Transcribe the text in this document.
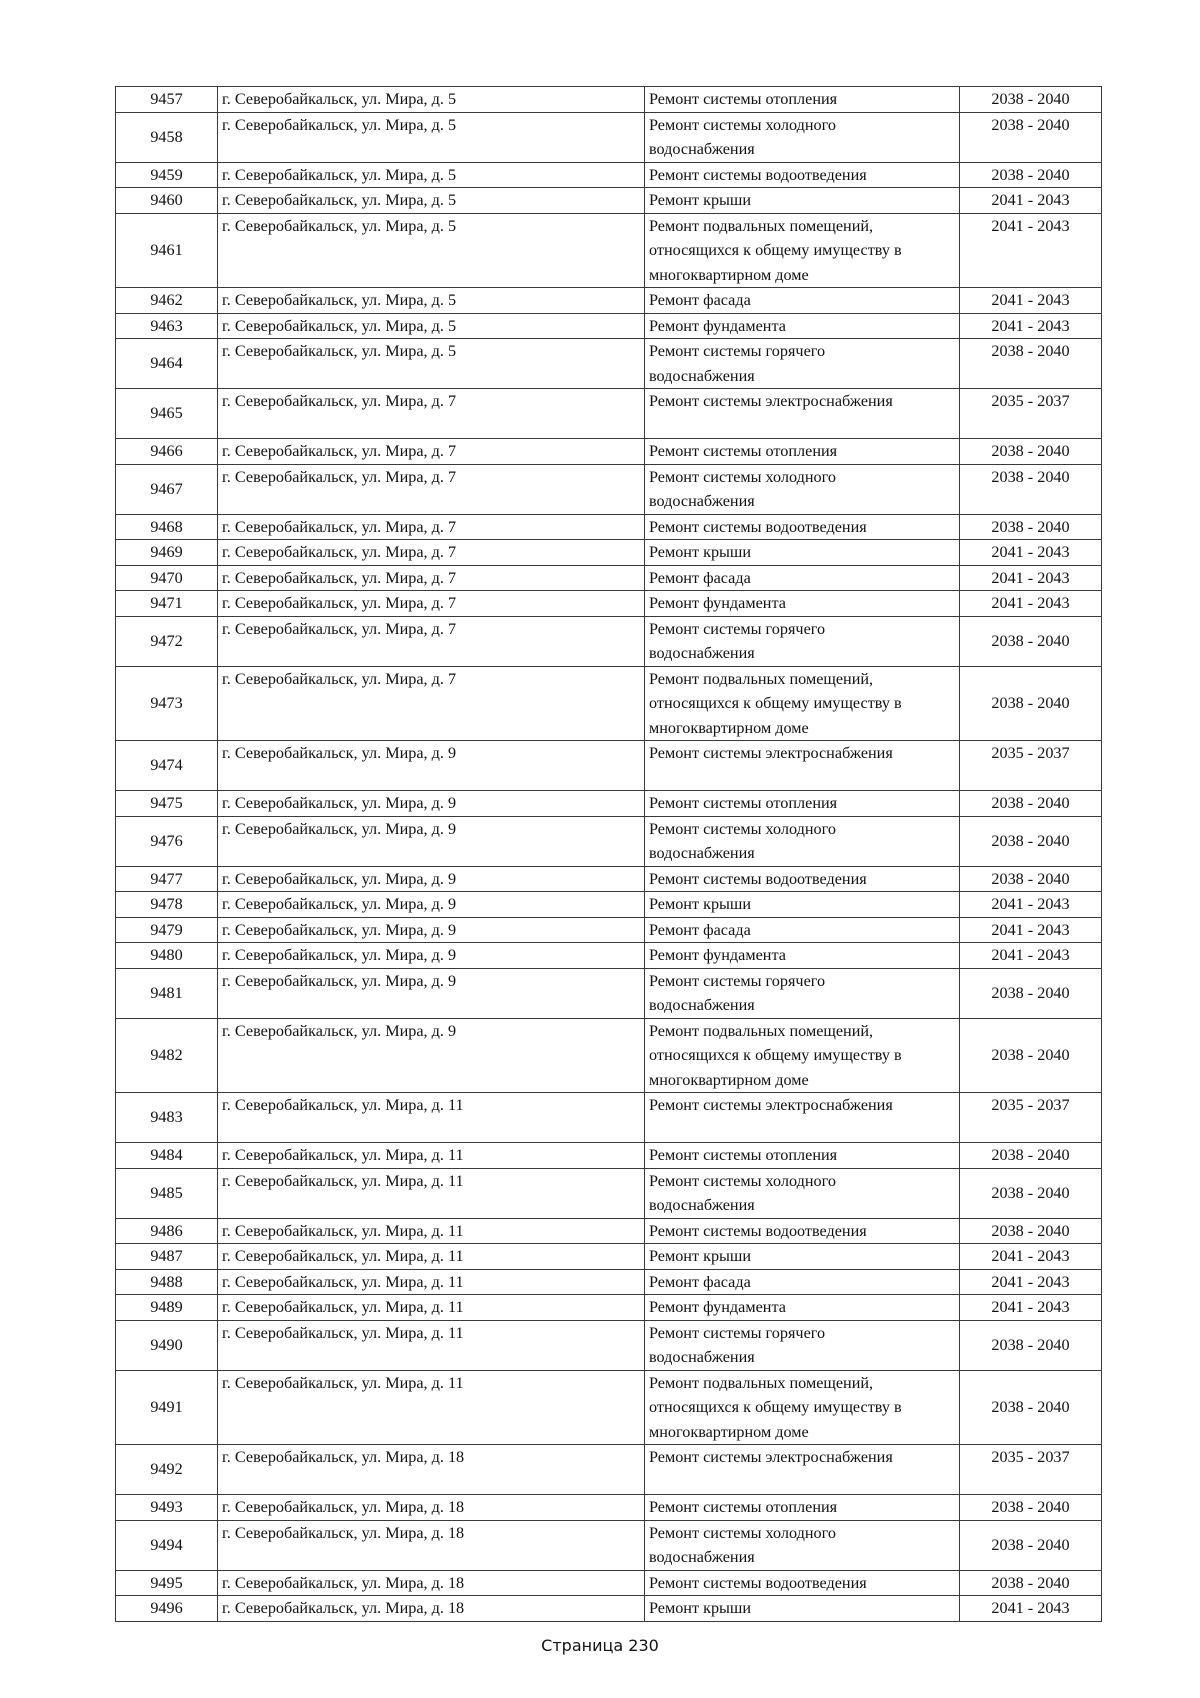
9457	г. Северобайкальск, ул. Мира, д. 5	Ремонт системы отопления	2038 - 2040
9458	г. Северобайкальск, ул. Мира, д. 5	Ремонт системы холодного
водоснабжения	2038 - 2040
9459	г. Северобайкальск, ул. Мира, д. 5	Ремонт системы водоотведения	2038 - 2040
9460	г. Северобайкальск, ул. Мира, д. 5	Ремонт крыши	2041 - 2043
9461	г. Северобайкальск, ул. Мира, д. 5	Ремонт подвальных помещений,
относящихся к общему имуществу в
многоквартирном доме	2041 - 2043
9462	г. Северобайкальск, ул. Мира, д. 5	Ремонт фасада	2041 - 2043
9463	г. Северобайкальск, ул. Мира, д. 5	Ремонт фундамента	2041 - 2043
9464	г. Северобайкальск, ул. Мира, д. 5	Ремонт системы горячего
водоснабжения	2038 - 2040
9465	г. Северобайкальск, ул. Мира, д. 7	Ремонт системы электроснабжения	2035 - 2037
9466	г. Северобайкальск, ул. Мира, д. 7	Ремонт системы отопления	2038 - 2040
9467	г. Северобайкальск, ул. Мира, д. 7	Ремонт системы холодного
водоснабжения	2038 - 2040
9468	г. Северобайкальск, ул. Мира, д. 7	Ремонт системы водоотведения	2038 - 2040
9469	г. Северобайкальск, ул. Мира, д. 7	Ремонт крыши	2041 - 2043
9470	г. Северобайкальск, ул. Мира, д. 7	Ремонт фасада	2041 - 2043
9471	г. Северобайкальск, ул. Мира, д. 7	Ремонт фундамента	2041 - 2043
9472	г. Северобайкальск, ул. Мира, д. 7	Ремонт системы горячего
водоснабжения	2038 - 2040
9473	г. Северобайкальск, ул. Мира, д. 7	Ремонт подвальных помещений,
относящихся к общему имуществу в
многоквартирном доме	2038 - 2040
9474	г. Северобайкальск, ул. Мира, д. 9	Ремонт системы электроснабжения	2035 - 2037
9475	г. Северобайкальск, ул. Мира, д. 9	Ремонт системы отопления	2038 - 2040
9476	г. Северобайкальск, ул. Мира, д. 9	Ремонт системы холодного
водоснабжения	2038 - 2040
9477	г. Северобайкальск, ул. Мира, д. 9	Ремонт системы водоотведения	2038 - 2040
9478	г. Северобайкальск, ул. Мира, д. 9	Ремонт крыши	2041 - 2043
9479	г. Северобайкальск, ул. Мира, д. 9	Ремонт фасада	2041 - 2043
9480	г. Северобайкальск, ул. Мира, д. 9	Ремонт фундамента	2041 - 2043
9481	г. Северобайкальск, ул. Мира, д. 9	Ремонт системы горячего
водоснабжения	2038 - 2040
9482	г. Северобайкальск, ул. Мира, д. 9	Ремонт подвальных помещений,
относящихся к общему имуществу в
многоквартирном доме	2038 - 2040
9483	г. Северобайкальск, ул. Мира, д. 11	Ремонт системы электроснабжения	2035 - 2037
9484	г. Северобайкальск, ул. Мира, д. 11	Ремонт системы отопления	2038 - 2040
9485	г. Северобайкальск, ул. Мира, д. 11	Ремонт системы холодного
водоснабжения	2038 - 2040
9486	г. Северобайкальск, ул. Мира, д. 11	Ремонт системы водоотведения	2038 - 2040
9487	г. Северобайкальск, ул. Мира, д. 11	Ремонт крыши	2041 - 2043
9488	г. Северобайкальск, ул. Мира, д. 11	Ремонт фасада	2041 - 2043
9489	г. Северобайкальск, ул. Мира, д. 11	Ремонт фундамента	2041 - 2043
9490	г. Северобайкальск, ул. Мира, д. 11	Ремонт системы горячего
водоснабжения	2038 - 2040
9491	г. Северобайкальск, ул. Мира, д. 11	Ремонт подвальных помещений,
относящихся к общему имуществу в
многоквартирном доме	2038 - 2040
9492	г. Северобайкальск, ул. Мира, д. 18	Ремонт системы электроснабжения	2035 - 2037
9493	г. Северобайкальск, ул. Мира, д. 18	Ремонт системы отопления	2038 - 2040
9494	г. Северобайкальск, ул. Мира, д. 18	Ремонт системы холодного
водоснабжения	2038 - 2040
9495	г. Северобайкальск, ул. Мира, д. 18	Ремонт системы водоотведения	2038 - 2040
9496	г. Северобайкальск, ул. Мира, д. 18	Ремонт крыши	2041 - 2043
Страница 230
